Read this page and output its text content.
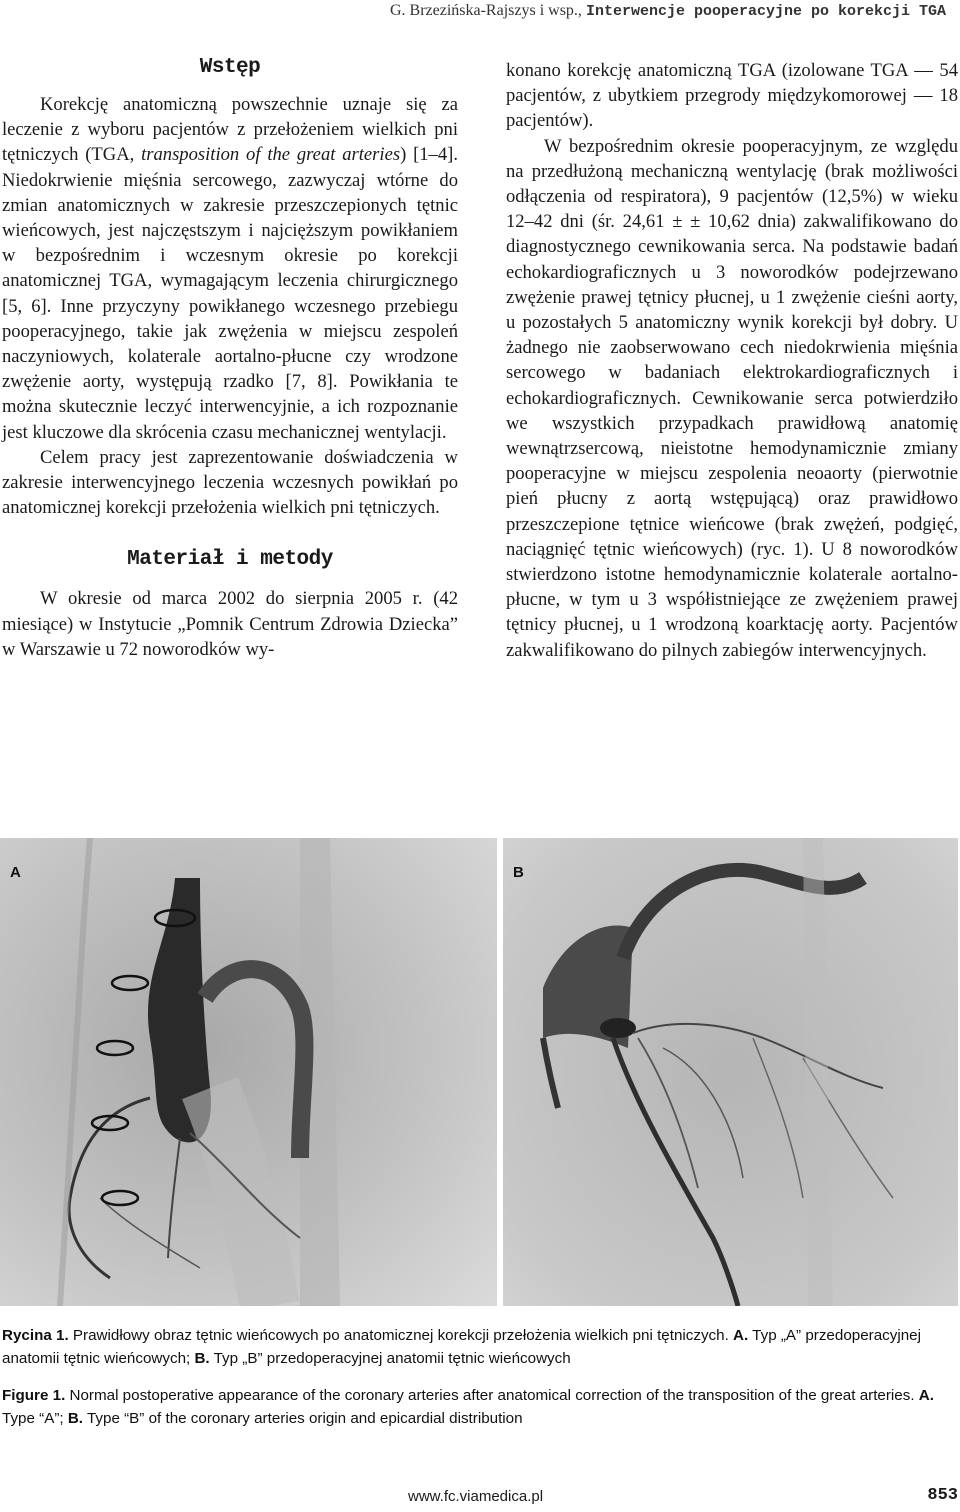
G. Brzezińska-Rajszys i wsp., Interwencje pooperacyjne po korekcji TGA
Wstęp

Korekcję anatomiczną powszechnie uznaje się za leczenie z wyboru pacjentów z przełożeniem wielkich pni tętniczych (TGA, transposition of the great arteries) [1–4]. Niedokrwienie mięśnia sercowego, zazwyczaj wtórne do zmian anatomicznych w zakresie przeszczepionych tętnic wieńcowych, jest najczęstszym i najcięższym powikłaniem w bezpośrednim i wczesnym okresie po korekcji anatomicznej TGA, wymagającym leczenia chirurgicznego [5, 6]. Inne przyczyny powikłanego wczesnego przebiegu pooperacyjnego, takie jak zwężenia w miejscu zespoleń naczyniowych, kolaterale aortalno-płucne czy wrodzone zwężenie aorty, występują rzadko [7, 8]. Powikłania te można skutecznie leczyć interwencyjnie, a ich rozpoznanie jest kluczowe dla skrócenia czasu mechanicznej wentylacji.

Celem pracy jest zaprezentowanie doświadczenia w zakresie interwencyjnego leczenia wczesnych powikłań po anatomicznej korekcji przełożenia wielkich pni tętniczych.

Materiał i metody

W okresie od marca 2002 do sierpnia 2005 r. (42 miesiące) w Instytucie „Pomnik Centrum Zdrowia Dziecka” w Warszawie u 72 noworodków wy-

konano korekcję anatomiczną TGA (izolowane TGA — 54 pacjentów, z ubytkiem przegrody międzykomorowej — 18 pacjentów).

W bezpośrednim okresie pooperacyjnym, ze względu na przedłużoną mechaniczną wentylację (brak możliwości odłączenia od respiratora), 9 pacjentów (12,5%) w wieku 12–42 dni (śr. 24,61 ± ± 10,62 dnia) zakwalifikowano do diagnostycznego cewnikowania serca. Na podstawie badań echokardiograficznych u 3 noworodków podejrzewano zwężenie prawej tętnicy płucnej, u 1 zwężenie cieśni aorty, u pozostałych 5 anatomiczny wynik korekcji był dobry. U żadnego nie zaobserwowano cech niedokrwienia mięśnia sercowego w badaniach elektrokardiograficznych i echokardiograficznych. Cewnikowanie serca potwierdziło we wszystkich przypadkach prawidłową anatomię wewnątrzsercową, nieistotne hemodynamicznie zmiany pooperacyjne w miejscu zespolenia neoaorty (pierwotnie pień płucny z aortą wstępującą) oraz prawidłowo przeszczepione tętnice wieńcowe (brak zwężeń, podgięć, naciągnięć tętnic wieńcowych) (ryc. 1). U 8 noworodków stwierdzono istotne hemodynamicznie kolaterale aortalno-płucne, w tym u 3 współistniejące ze zwężeniem prawej tętnicy płucnej, u 1 wrodzoną koarktację aorty. Pacjentów zakwalifikowano do pilnych zabiegów interwencyjnych.

A	B
Rycina 1. Prawidłowy obraz tętnic wieńcowych po anatomicznej korekcji przełożenia wielkich pni tętniczych. A. Typ „A” przedoperacyjnej anatomii tętnic wieńcowych; B. Typ „B” przedoperacyjnej anatomii tętnic wieńcowych
Figure 1. Normal postoperative appearance of the coronary arteries after anatomical correction of the transposition of the great arteries. A. Type “A”; B. Type “B” of the coronary arteries origin and epicardial distribution
www.fc.viamedica.pl	853
